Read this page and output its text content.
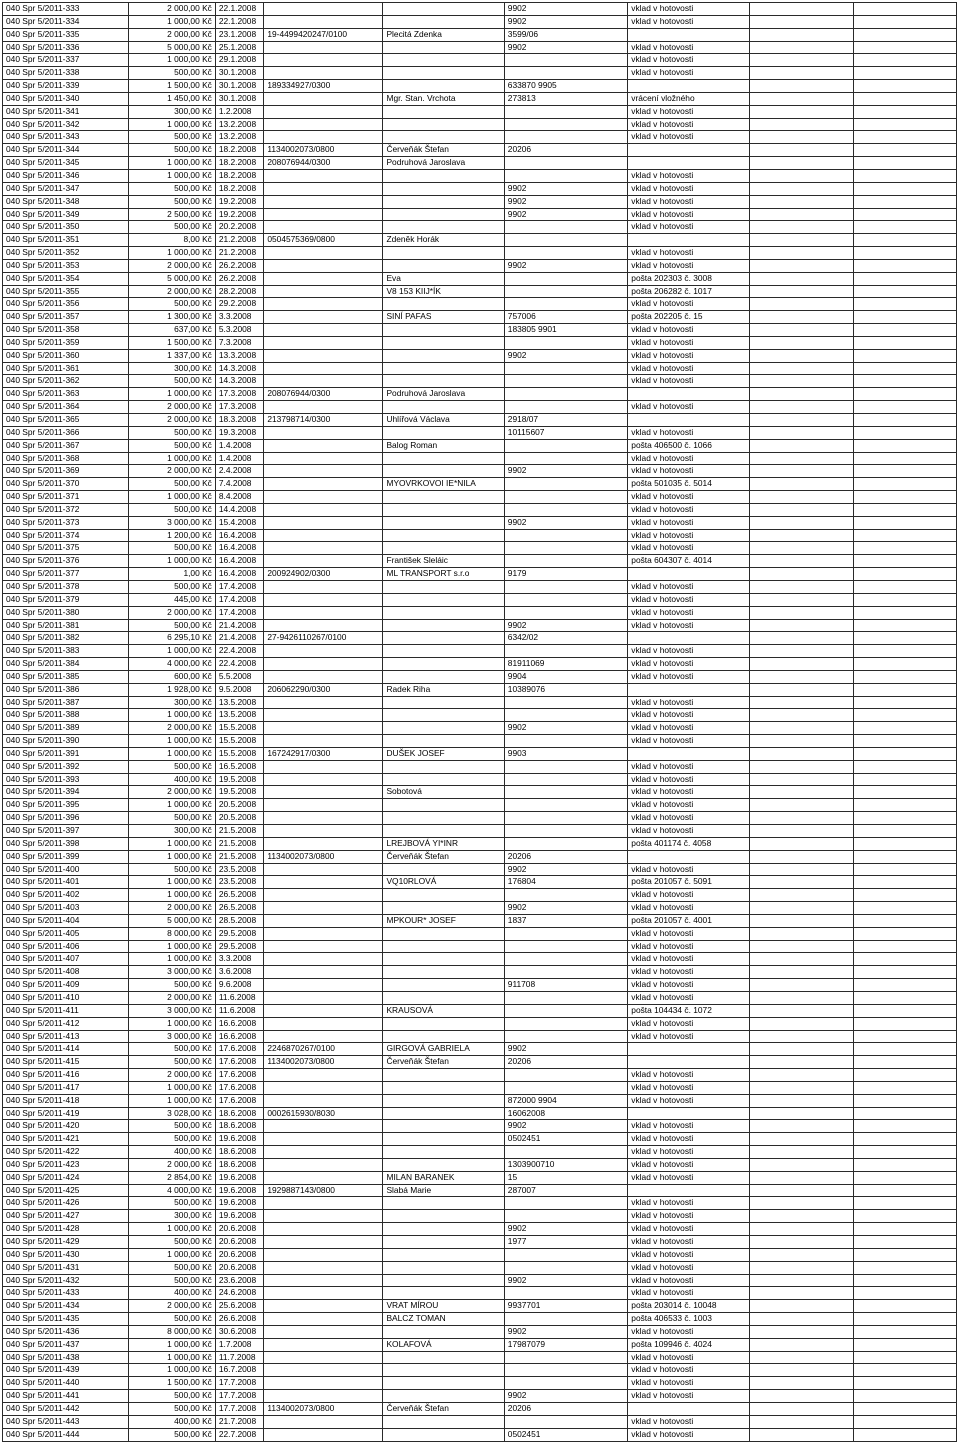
040 Spr 5/2011-333	2 000,00 Kč	22.1.2008			9902	vklad v hotovosti		
040 Spr 5/2011-334	1 000,00 Kč	22.1.2008			9902	vklad v hotovosti		
040 Spr 5/2011-335	2 000,00 Kč	23.1.2008	19-4499420247/0100	Plecitá Zdenka	3599/06			
040 Spr 5/2011-336	5 000,00 Kč	25.1.2008			9902	vklad v hotovosti		
040 Spr 5/2011-337	1 000,00 Kč	29.1.2008				vklad v hotovosti		
040 Spr 5/2011-338	500,00 Kč	30.1.2008				vklad v hotovosti		
040 Spr 5/2011-339	1 500,00 Kč	30.1.2008	189334927/0300		633870 9905			
040 Spr 5/2011-340	1 450,00 Kč	30.1.2008		Mgr. Stan. Vrchota	273813	vrácení vložného		
040 Spr 5/2011-341	300,00 Kč	1.2.2008				vklad v hotovosti		
040 Spr 5/2011-342	1 000,00 Kč	13.2.2008				vklad v hotovosti		
040 Spr 5/2011-343	500,00 Kč	13.2.2008				vklad v hotovosti		
040 Spr 5/2011-344	500,00 Kč	18.2.2008	1134002073/0800	Červeňák Štefan	20206			
040 Spr 5/2011-345	1 000,00 Kč	18.2.2008	208076944/0300	Podruhová Jaroslava				
040 Spr 5/2011-346	1 000,00 Kč	18.2.2008				vklad v hotovosti		
040 Spr 5/2011-347	500,00 Kč	18.2.2008			9902	vklad v hotovosti		
040 Spr 5/2011-348	500,00 Kč	19.2.2008			9902	vklad v hotovosti		
040 Spr 5/2011-349	2 500,00 Kč	19.2.2008			9902	vklad v hotovosti		
040 Spr 5/2011-350	500,00 Kč	20.2.2008				vklad v hotovosti		
040 Spr 5/2011-351	8,00 Kč	21.2.2008	0504575369/0800	Zdeněk Horák				
040 Spr 5/2011-352	1 000,00 Kč	21.2.2008				vklad v hotovosti		
040 Spr 5/2011-353	2 000,00 Kč	26.2.2008			9902	vklad v hotovosti		
040 Spr 5/2011-354	5 000,00 Kč	26.2.2008		Eva		pošta 202303 č. 3008		
040 Spr 5/2011-355	2 000,00 Kč	28.2.2008		V8 153 KIIJ*ÍK		pošta 206282 č. 1017		
040 Spr 5/2011-356	500,00 Kč	29.2.2008				vklad v hotovosti		
040 Spr 5/2011-357	1 300,00 Kč	3.3.2008		SINÍ PAFAS	757006	pošta 202205 č. 15		
040 Spr 5/2011-358	637,00 Kč	5.3.2008			183805 9901	vklad v hotovosti		
040 Spr 5/2011-359	1 500,00 Kč	7.3.2008				vklad v hotovosti		
040 Spr 5/2011-360	1 337,00 Kč	13.3.2008			9902	vklad v hotovosti		
040 Spr 5/2011-361	300,00 Kč	14.3.2008				vklad v hotovosti		
040 Spr 5/2011-362	500,00 Kč	14.3.2008				vklad v hotovosti		
040 Spr 5/2011-363	1 000,00 Kč	17.3.2008	208076944/0300	Podruhová Jaroslava				
040 Spr 5/2011-364	2 000,00 Kč	17.3.2008				vklad v hotovosti		
040 Spr 5/2011-365	2 000,00 Kč	18.3.2008	213798714/0300	Uhlířová Václava	2918/07			
040 Spr 5/2011-366	500,00 Kč	19.3.2008			10115607	vklad v hotovosti		
040 Spr 5/2011-367	500,00 Kč	1.4.2008		Balog Roman		pošta 406500 č. 1066		
040 Spr 5/2011-368	1 000,00 Kč	1.4.2008				vklad v hotovosti		
040 Spr 5/2011-369	2 000,00 Kč	2.4.2008			9902	vklad v hotovosti		
040 Spr 5/2011-370	500,00 Kč	7.4.2008		MYOVRKOVOI IE*NILA		pošta 501035 č. 5014		
040 Spr 5/2011-371	1 000,00 Kč	8.4.2008				vklad v hotovosti		
040 Spr 5/2011-372	500,00 Kč	14.4.2008				vklad v hotovosti		
040 Spr 5/2011-373	3 000,00 Kč	15.4.2008			9902	vklad v hotovosti		
040 Spr 5/2011-374	1 200,00 Kč	16.4.2008				vklad v hotovosti		
040 Spr 5/2011-375	500,00 Kč	16.4.2008				vklad v hotovosti		
040 Spr 5/2011-376	1 000,00 Kč	16.4.2008		František Sleláic		pošta 604307 č. 4014		
040 Spr 5/2011-377	1,00 Kč	16.4.2008	200924902/0300	ML TRANSPORT s.r.o	9179			
040 Spr 5/2011-378	500,00 Kč	17.4.2008				vklad v hotovosti		
040 Spr 5/2011-379	445,00 Kč	17.4.2008				vklad v hotovosti		
040 Spr 5/2011-380	2 000,00 Kč	17.4.2008				vklad v hotovosti		
040 Spr 5/2011-381	500,00 Kč	21.4.2008			9902	vklad v hotovosti		
040 Spr 5/2011-382	6 295,10 Kč	21.4.2008	27-9426110267/0100		6342/02			
040 Spr 5/2011-383	1 000,00 Kč	22.4.2008				vklad v hotovosti		
040 Spr 5/2011-384	4 000,00 Kč	22.4.2008			81911069	vklad v hotovosti		
040 Spr 5/2011-385	600,00 Kč	5.5.2008			9904	vklad v hotovosti		
040 Spr 5/2011-386	1 928,00 Kč	9.5.2008	206062290/0300	Radek Riha	10389076			
040 Spr 5/2011-387	300,00 Kč	13.5.2008				vklad v hotovosti		
040 Spr 5/2011-388	1 000,00 Kč	13.5.2008				vklad v hotovosti		
040 Spr 5/2011-389	2 000,00 Kč	15.5.2008			9902	vklad v hotovosti		
040 Spr 5/2011-390	1 000,00 Kč	15.5.2008				vklad v hotovosti		
040 Spr 5/2011-391	1 000,00 Kč	15.5.2008	167242917/0300	DUŠEK JOSEF	9903			
040 Spr 5/2011-392	500,00 Kč	16.5.2008				vklad v hotovosti		
040 Spr 5/2011-393	400,00 Kč	19.5.2008				vklad v hotovosti		
040 Spr 5/2011-394	2 000,00 Kč	19.5.2008		Sobotová		vklad v hotovosti		
040 Spr 5/2011-395	1 000,00 Kč	20.5.2008				vklad v hotovosti		
040 Spr 5/2011-396	500,00 Kč	20.5.2008				vklad v hotovosti		
040 Spr 5/2011-397	300,00 Kč	21.5.2008				vklad v hotovosti		
040 Spr 5/2011-398	1 000,00 Kč	21.5.2008		LREJBOVÁ YI*INR		pošta 401174 č. 4058		
040 Spr 5/2011-399	1 000,00 Kč	21.5.2008	1134002073/0800	Červeňák Štefan	20206			
040 Spr 5/2011-400	500,00 Kč	23.5.2008			9902	vklad v hotovosti		
040 Spr 5/2011-401	1 000,00 Kč	23.5.2008		VQ10RLOVÁ	176804	pošta 201057 č. 5091		
040 Spr 5/2011-402	1 000,00 Kč	26.5.2008				vklad v hotovosti		
040 Spr 5/2011-403	2 000,00 Kč	26.5.2008			9902	vklad v hotovosti		
040 Spr 5/2011-404	5 000,00 Kč	28.5.2008		MPKOUR* JOSEF	1837	pošta 201057 č. 4001		
040 Spr 5/2011-405	8 000,00 Kč	29.5.2008				vklad v hotovosti		
040 Spr 5/2011-406	1 000,00 Kč	29.5.2008				vklad v hotovosti		
040 Spr 5/2011-407	1 000,00 Kč	3.3.2008				vklad v hotovosti		
040 Spr 5/2011-408	3 000,00 Kč	3.6.2008				vklad v hotovosti		
040 Spr 5/2011-409	500,00 Kč	9.6.2008			911708	vklad v hotovosti		
040 Spr 5/2011-410	2 000,00 Kč	11.6.2008				vklad v hotovosti		
040 Spr 5/2011-411	3 000,00 Kč	11.6.2008		KRAUSOVÁ		pošta 104434 č. 1072		
040 Spr 5/2011-412	1 000,00 Kč	16.6.2008				vklad v hotovosti		
040 Spr 5/2011-413	3 000,00 Kč	16.6.2008				vklad v hotovosti		
040 Spr 5/2011-414	500,00 Kč	17.6.2008	2246870267/0100	GIRGOVÁ GABRIELA	9902			
040 Spr 5/2011-415	500,00 Kč	17.6.2008	1134002073/0800	Červeňák Štefan	20206			
040 Spr 5/2011-416	2 000,00 Kč	17.6.2008				vklad v hotovosti		
040 Spr 5/2011-417	1 000,00 Kč	17.6.2008				vklad v hotovosti		
040 Spr 5/2011-418	1 000,00 Kč	17.6.2008			872000 9904	vklad v hotovosti		
040 Spr 5/2011-419	3 028,00 Kč	18.6.2008	0002615930/8030		16062008			
040 Spr 5/2011-420	500,00 Kč	18.6.2008			9902	vklad v hotovosti		
040 Spr 5/2011-421	500,00 Kč	19.6.2008			0502451	vklad v hotovosti		
040 Spr 5/2011-422	400,00 Kč	18.6.2008				vklad v hotovosti		
040 Spr 5/2011-423	2 000,00 Kč	18.6.2008			1303900710	vklad v hotovosti		
040 Spr 5/2011-424	2 854,00 Kč	19.6.2008		MILAN BARANEK	15	vklad v hotovosti		
040 Spr 5/2011-425	4 000,00 Kč	19.6.2008	1929887143/0800	Slabá Marie	287007			
040 Spr 5/2011-426	500,00 Kč	19.6.2008				vklad v hotovosti		
040 Spr 5/2011-427	300,00 Kč	19.6.2008				vklad v hotovosti		
040 Spr 5/2011-428	1 000,00 Kč	20.6.2008			9902	vklad v hotovosti		
040 Spr 5/2011-429	500,00 Kč	20.6.2008			1977	vklad v hotovosti		
040 Spr 5/2011-430	1 000,00 Kč	20.6.2008				vklad v hotovosti		
040 Spr 5/2011-431	500,00 Kč	20.6.2008				vklad v hotovosti		
040 Spr 5/2011-432	500,00 Kč	23.6.2008			9902	vklad v hotovosti		
040 Spr 5/2011-433	400,00 Kč	24.6.2008				vklad v hotovosti		
040 Spr 5/2011-434	2 000,00 Kč	25.6.2008		VRAT MÍROU	9937701	pošta 203014 č. 10048		
040 Spr 5/2011-435	500,00 Kč	26.6.2008		BALCZ TOMAN		pošta 406533 č. 1003		
040 Spr 5/2011-436	8 000,00 Kč	30.6.2008			9902	vklad v hotovosti		
040 Spr 5/2011-437	1 000,00 Kč	1.7.2008		KOLAFOVÁ	17987079	pošta 109946 č. 4024		
040 Spr 5/2011-438	1 000,00 Kč	11.7.2008				vklad v hotovosti		
040 Spr 5/2011-439	1 000,00 Kč	16.7.2008				vklad v hotovosti		
040 Spr 5/2011-440	1 500,00 Kč	17.7.2008				vklad v hotovosti		
040 Spr 5/2011-441	500,00 Kč	17.7.2008			9902	vklad v hotovosti		
040 Spr 5/2011-442	500,00 Kč	17.7.2008	1134002073/0800	Červeňák Štefan	20206			
040 Spr 5/2011-443	400,00 Kč	21.7.2008				vklad v hotovosti		
040 Spr 5/2011-444	500,00 Kč	22.7.2008			0502451	vklad v hotovosti		
